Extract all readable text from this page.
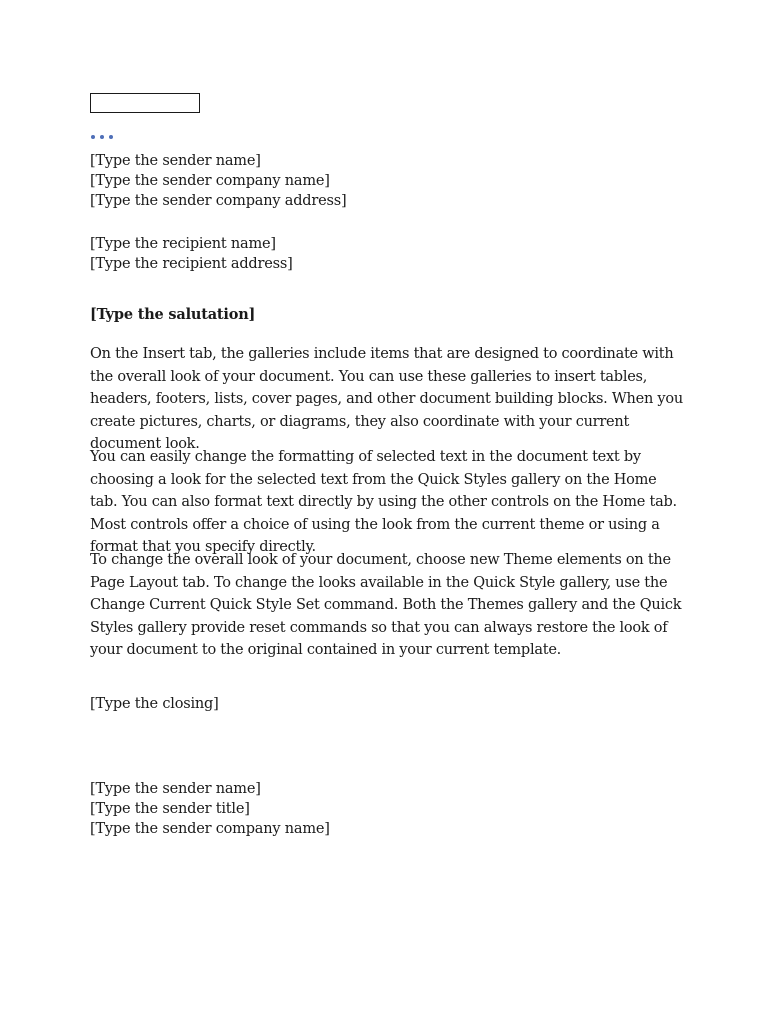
[Type the sender name]
[Type the sender company name]
[Type the sender company address]
[Type the recipient name]
[Type the recipient address]
[Type the salutation]

On the Insert tab, the galleries include items that are designed to coordinate with the overall look of your document. You can use these galleries to insert tables, headers, footers, lists, cover pages, and other document building blocks. When you create pictures, charts, or diagrams, they also coordinate with your current document look.

You can easily change the formatting of selected text in the document text by choosing a look for the selected text from the Quick Styles gallery on the Home tab. You can also format text directly by using the other controls on the Home tab. Most controls offer a choice of using the look from the current theme or using a format that you specify directly.

To change the overall look of your document, choose new Theme elements on the Page Layout tab. To change the looks available in the Quick Style gallery, use the Change Current Quick Style Set command. Both the Themes gallery and the Quick Styles gallery provide reset commands so that you can always restore the look of your document to the original contained in your current template.

[Type the closing]
[Type the sender name]
[Type the sender title]
[Type the sender company name]
